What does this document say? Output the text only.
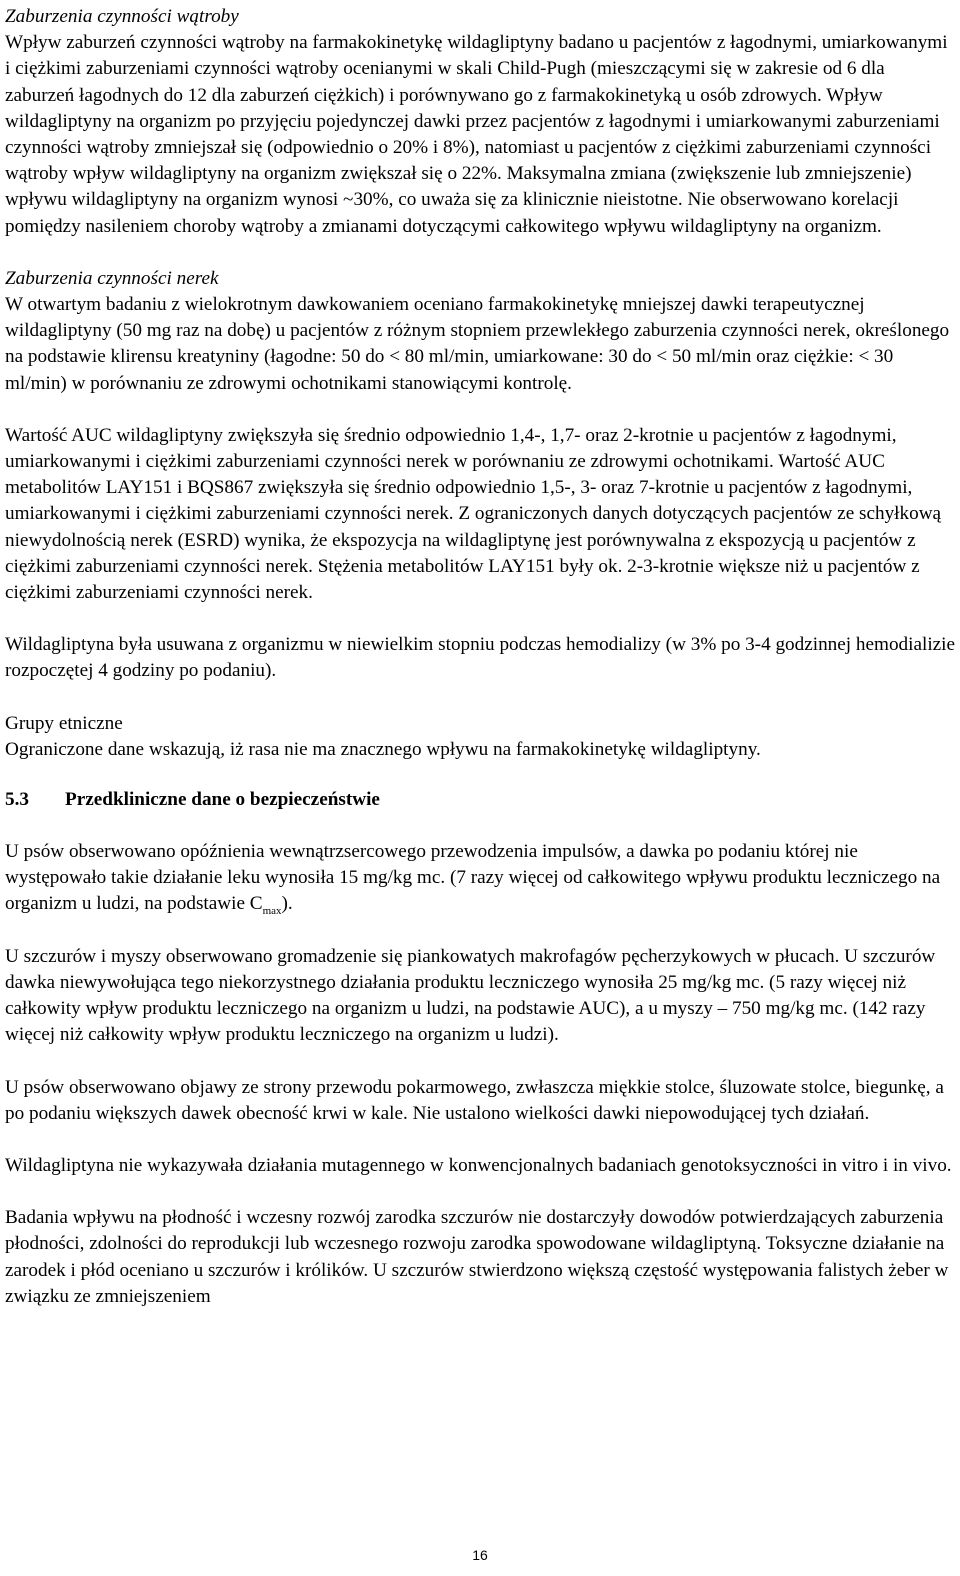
Zaburzenia czynności wątroby

Wpływ zaburzeń czynności wątroby na farmakokinetykę wildagliptyny badano u pacjentów z łagodnymi, umiarkowanymi i ciężkimi zaburzeniami czynności wątroby ocenianymi w skali Child-Pugh (mieszczącymi się w zakresie od 6 dla zaburzeń łagodnych do 12 dla zaburzeń ciężkich) i porównywano go z farmakokinetyką u osób zdrowych. Wpływ wildagliptyny na organizm po przyjęciu pojedynczej dawki przez pacjentów z łagodnymi i umiarkowanymi zaburzeniami czynności wątroby zmniejszał się (odpowiednio o 20% i 8%), natomiast u pacjentów z ciężkimi zaburzeniami czynności wątroby wpływ wildagliptyny na organizm zwiększał się o 22%. Maksymalna zmiana (zwiększenie lub zmniejszenie) wpływu wildagliptyny na organizm wynosi ~30%, co uważa się za klinicznie nieistotne. Nie obserwowano korelacji pomiędzy nasileniem choroby wątroby a zmianami dotyczącymi całkowitego wpływu wildagliptyny na organizm.

Zaburzenia czynności nerek

W otwartym badaniu z wielokrotnym dawkowaniem oceniano farmakokinetykę mniejszej dawki terapeutycznej wildagliptyny (50 mg raz na dobę) u pacjentów z różnym stopniem przewlekłego zaburzenia czynności nerek, określonego na podstawie klirensu kreatyniny (łagodne: 50 do < 80 ml/min, umiarkowane: 30 do < 50 ml/min oraz ciężkie: < 30 ml/min) w porównaniu ze zdrowymi ochotnikami stanowiącymi kontrolę.

Wartość AUC wildagliptyny zwiększyła się średnio odpowiednio 1,4-, 1,7- oraz 2-krotnie u pacjentów z łagodnymi, umiarkowanymi i ciężkimi zaburzeniami czynności nerek w porównaniu ze zdrowymi ochotnikami. Wartość AUC metabolitów LAY151 i BQS867 zwiększyła się średnio odpowiednio 1,5-, 3- oraz 7-krotnie u pacjentów z łagodnymi, umiarkowanymi i ciężkimi zaburzeniami czynności nerek. Z ograniczonych danych dotyczących pacjentów ze schyłkową niewydolnością nerek (ESRD) wynika, że ekspozycja na wildagliptynę jest porównywalna z ekspozycją u pacjentów z ciężkimi zaburzeniami czynności nerek. Stężenia metabolitów LAY151 były ok. 2-3-krotnie większe niż u pacjentów z ciężkimi zaburzeniami czynności nerek.

Wildagliptyna była usuwana z organizmu w niewielkim stopniu podczas hemodializy (w 3% po 3-4 godzinnej hemodializie rozpoczętej 4 godziny po podaniu).

Grupy etniczne

Ograniczone dane wskazują, iż rasa nie ma znacznego wpływu na farmakokinetykę wildagliptyny.

5.3 Przedkliniczne dane o bezpieczeństwie

U psów obserwowano opóźnienia wewnątrzsercowego przewodzenia impulsów, a dawka po podaniu której nie występowało takie działanie leku wynosiła 15 mg/kg mc. (7 razy więcej od całkowitego wpływu produktu leczniczego na organizm u ludzi, na podstawie $C_{max}$).

U szczurów i myszy obserwowano gromadzenie się piankowatych makrofagów pęcherzykowych w płucach. U szczurów dawka niewywołująca tego niekorzystnego działania produktu leczniczego wynosiła 25 mg/kg mc. (5 razy więcej niż całkowity wpływ produktu leczniczego na organizm u ludzi, na podstawie AUC), a u myszy – 750 mg/kg mc. (142 razy więcej niż całkowity wpływ produktu leczniczego na organizm u ludzi).

U psów obserwowano objawy ze strony przewodu pokarmowego, zwłaszcza miękkie stolce, śluzowate stolce, biegunkę, a po podaniu większych dawek obecność krwi w kale. Nie ustalono wielkości dawki niepowodującej tych działań.

Wildagliptyna nie wykazywała działania mutagennego w konwencjonalnych badaniach genotoksyczności in vitro i in vivo.

Badania wpływu na płodność i wczesny rozwój zarodka szczurów nie dostarczyły dowodów potwierdzających zaburzenia płodności, zdolności do reprodukcji lub wczesnego rozwoju zarodka spowodowane wildagliptyną. Toksyczne działanie na zarodek i płód oceniano u szczurów i królików. U szczurów stwierdzono większą częstość występowania falistych żeber w związku ze zmniejszeniem

16
